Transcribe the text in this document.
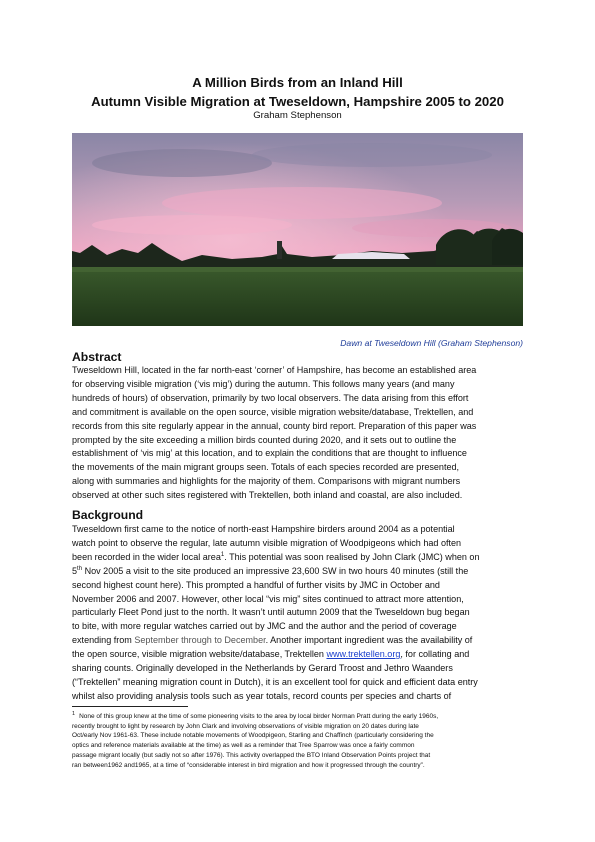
A Million Birds from an Inland Hill
Autumn Visible Migration at Tweseldown, Hampshire 2005 to 2020
Graham Stephenson
Dawn at Tweseldown Hill (Graham Stephenson)
Abstract
Tweseldown Hill, located in the far north-east ‘corner’ of Hampshire, has become an established area
for observing visible migration (‘vis mig’) during the autumn. This follows many years (and many
hundreds of hours) of observation, primarily by two local observers. The data arising from this effort
and commitment is available on the open source, visible migration website/database, Trektellen, and
records from this site regularly appear in the annual, county bird report. Preparation of this paper was
prompted by the site exceeding a million birds counted during 2020, and it sets out to outline the
establishment of ‘vis mig’ at this location, and to explain the conditions that are thought to influence
the movements of the main migrant groups seen. Totals of each species recorded are presented,
along with summaries and highlights for the majority of them. Comparisons with migrant numbers
observed at other such sites registered with Trektellen, both inland and coastal, are also included.
Background
Tweseldown first came to the notice of north-east Hampshire birders around 2004 as a potential
watch point to observe the regular, late autumn visible migration of Woodpigeons which had often
been recorded in the wider local area$^1$. This potential was soon realised by John Clark (JMC) when on
5th Nov 2005 a visit to the site produced an impressive 23,600 SW in two hours 40 minutes (still the
second highest count here). This prompted a handful of further visits by JMC in October and
November 2006 and 2007. However, other local “vis mig” sites continued to attract more attention,
particularly Fleet Pond just to the north. It wasn’t until autumn 2009 that the Tweseldown bug began
to bite, with more regular watches carried out by JMC and the author and the period of coverage
extending from September through to December. Another important ingredient was the availability of
the open source, visible migration website/database, Trektellen www.trektellen.org, for collating and
sharing counts. Originally developed in the Netherlands by Gerard Troost and Jethro Waanders
(“Trektellen” meaning migration count in Dutch), it is an excellent tool for quick and efficient data entry
whilst also providing analysis tools such as year totals, record counts per species and charts of
$^1$ None of this group knew at the time of some pioneering visits to the area by local birder Norman Pratt during the early 1960s,
recently brought to light by research by John Clark and involving observations of visible migration on 20 dates during late
Oct/early Nov 1961-63. These include notable movements of Woodpigeon, Starling and Chaffinch (particularly considering the
optics and reference materials available at the time) as well as a reminder that Tree Sparrow was once a fairly common
passage migrant locally (but sadly not so after 1976). This activity overlapped the BTO Inland Observation Points project that
ran between1962 and1965, at a time of “considerable interest in bird migration and how it progressed through the country”.
